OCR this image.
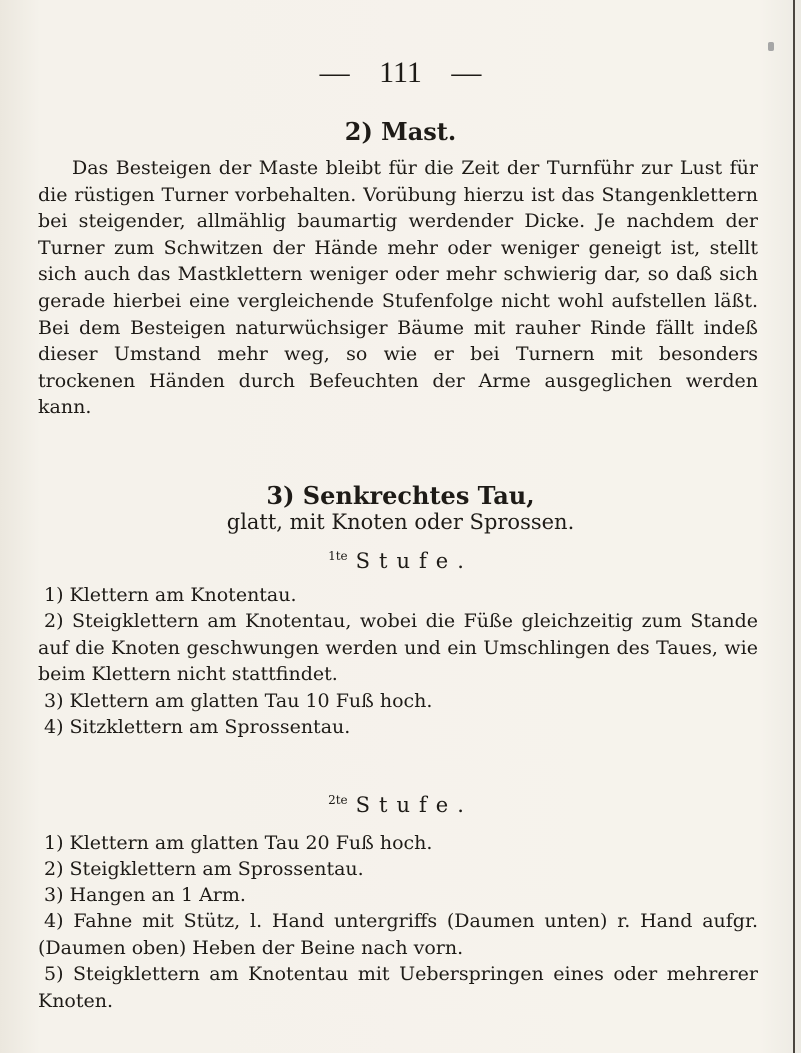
— 111 —
2) Mast.
Das Besteigen der Maste bleibt für die Zeit der Turnführ zur Lust für die rüstigen Turner vorbehalten. Vorübung hierzu ist das Stangenklettern bei steigender, allmählig baumartig werdender Dicke. Je nachdem der Turner zum Schwitzen der Hände mehr oder weniger geneigt ist, stellt sich auch das Mastklettern weniger oder mehr schwierig dar, so daß sich gerade hierbei eine vergleichende Stufenfolge nicht wohl aufstellen läßt. Bei dem Besteigen naturwüchsiger Bäume mit rauher Rinde fällt indeß dieser Umstand mehr weg, so wie er bei Turnern mit besonders trockenen Händen durch Befeuchten der Arme ausgeglichen werden kann.
3) Senkrechtes Tau,
glatt, mit Knoten oder Sprossen.
$^{1te}$ Stufe.
1) Klettern am Knotentau.
2) Steigklettern am Knotentau, wobei die Füße gleichzeitig zum Stande auf die Knoten geschwungen werden und ein Umschlingen des Taues, wie beim Klettern nicht stattfindet.
3) Klettern am glatten Tau 10 Fuß hoch.
4) Sitzklettern am Sprossentau.
$^{2te}$ Stufe.
1) Klettern am glatten Tau 20 Fuß hoch.
2) Steigklettern am Sprossentau.
3) Hangen an 1 Arm.
4) Fahne mit Stütz, l. Hand untergriffs (Daumen unten) r. Hand aufgr. (Daumen oben) Heben der Beine nach vorn.
5) Steigklettern am Knotentau mit Ueberspringen eines oder mehrerer Knoten.
